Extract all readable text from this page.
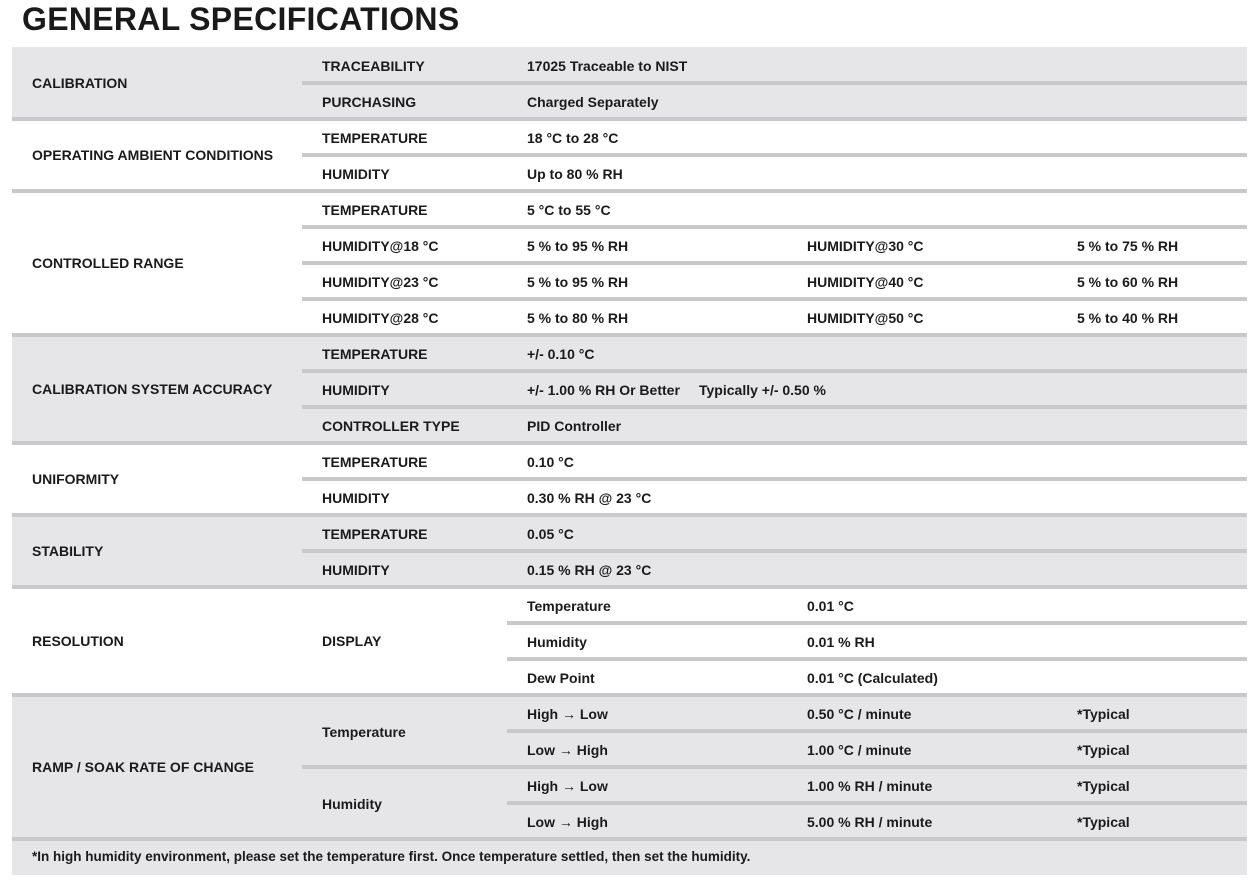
GENERAL SPECIFICATIONS
CALIBRATION
TRACEABILITY	17025 Traceable to NIST
PURCHASING	Charged Separately
OPERATING AMBIENT CONDITIONS
TEMPERATURE	18 °C to 28 °C
HUMIDITY	Up to 80 % RH
CONTROLLED RANGE
TEMPERATURE	5 °C to 55 °C
HUMIDITY@18 °C	5 % to 95 % RH	HUMIDITY@30 °C	5 % to 75 % RH
HUMIDITY@23 °C	5 % to 95 % RH	HUMIDITY@40 °C	5 % to 60 % RH
HUMIDITY@28 °C	5 % to 80 % RH	HUMIDITY@50 °C	5 % to 40 % RH
CALIBRATION SYSTEM ACCURACY
TEMPERATURE	+/- 0.10 °C
HUMIDITY	+/- 1.00 % RH Or Better Typically +/- 0.50 %
CONTROLLER TYPE	PID Controller
UNIFORMITY
TEMPERATURE	0.10 °C
HUMIDITY	0.30 % RH @ 23 °C
STABILITY
TEMPERATURE	0.05 °C
HUMIDITY	0.15 % RH @ 23 °C
RESOLUTION	DISPLAY
Temperature	0.01 °C
Humidity	0.01 % RH
Dew Point	0.01 °C (Calculated)
RAMP / SOAK RATE OF CHANGE
Temperature
High → Low	0.50 °C / minute	*Typical
Low → High	1.00 °C / minute	*Typical
Humidity
High → Low	1.00 % RH / minute	*Typical
Low → High	5.00 % RH / minute	*Typical
*In high humidity environment, please set the temperature first. Once temperature settled, then set the humidity.
